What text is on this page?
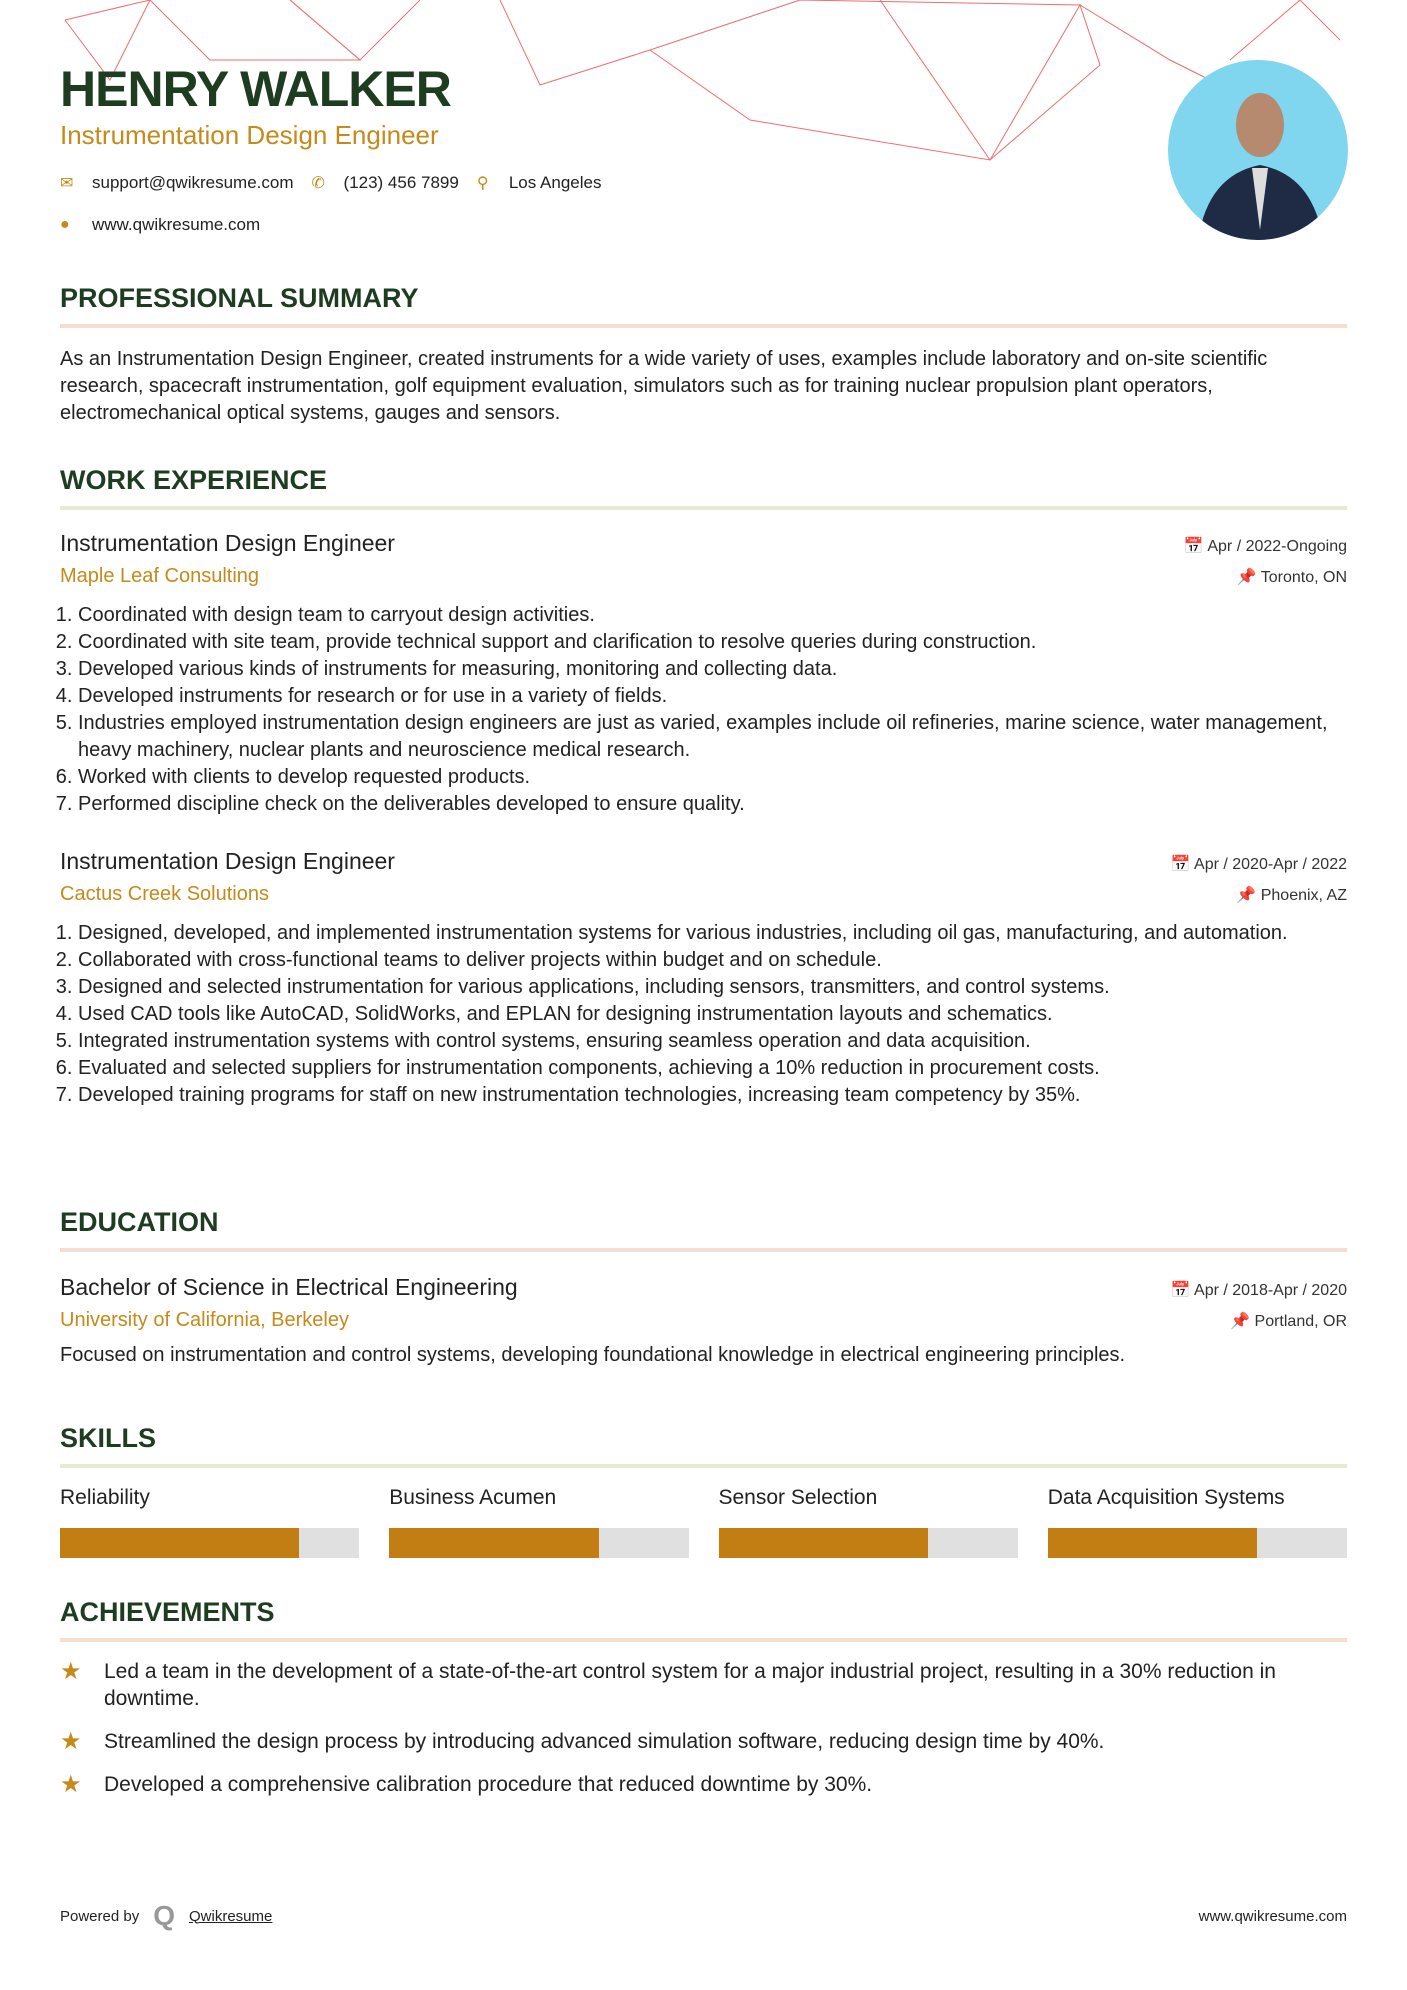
HENRY WALKER
Instrumentation Design Engineer
✉	support@qwikresume.com ✆	(123) 456 7899 ⚲	Los Angeles
●	www.qwikresume.com
PROFESSIONAL SUMMARY
As an Instrumentation Design Engineer, created instruments for a wide variety of uses, examples include laboratory and on-site scientific research, spacecraft instrumentation, golf equipment evaluation, simulators such as for training nuclear propulsion plant operators, electromechanical optical systems, gauges and sensors.
WORK EXPERIENCE
Instrumentation Design Engineer	📅 Apr / 2022-Ongoing
Maple Leaf Consulting	📌 Toronto, ON
1. Coordinated with design team to carryout design activities.
2. Coordinated with site team, provide technical support and clarification to resolve queries during construction.
3. Developed various kinds of instruments for measuring, monitoring and collecting data.
4. Developed instruments for research or for use in a variety of fields.
5. Industries employed instrumentation design engineers are just as varied, examples include oil refineries, marine science, water management, heavy machinery, nuclear plants and neuroscience medical research.
6. Worked with clients to develop requested products.
7. Performed discipline check on the deliverables developed to ensure quality.
Instrumentation Design Engineer	📅 Apr / 2020-Apr / 2022
Cactus Creek Solutions	📌 Phoenix, AZ
1. Designed, developed, and implemented instrumentation systems for various industries, including oil gas, manufacturing, and automation.
2. Collaborated with cross-functional teams to deliver projects within budget and on schedule.
3. Designed and selected instrumentation for various applications, including sensors, transmitters, and control systems.
4. Used CAD tools like AutoCAD, SolidWorks, and EPLAN for designing instrumentation layouts and schematics.
5. Integrated instrumentation systems with control systems, ensuring seamless operation and data acquisition.
6. Evaluated and selected suppliers for instrumentation components, achieving a 10% reduction in procurement costs.
7. Developed training programs for staff on new instrumentation technologies, increasing team competency by 35%.
EDUCATION
Bachelor of Science in Electrical Engineering	📅 Apr / 2018-Apr / 2020
University of California, Berkeley	📌 Portland, OR
Focused on instrumentation and control systems, developing foundational knowledge in electrical engineering principles.
SKILLS
Reliability	Business Acumen	Sensor Selection	Data Acquisition Systems
ACHIEVEMENTS
★	Led a team in the development of a state-of-the-art control system for a major industrial project, resulting in a 30% reduction in downtime.
★	Streamlined the design process by introducing advanced simulation software, reducing design time by 40%.
★	Developed a comprehensive calibration procedure that reduced downtime by 30%.
Powered by Q Qwikresume	www.qwikresume.com
